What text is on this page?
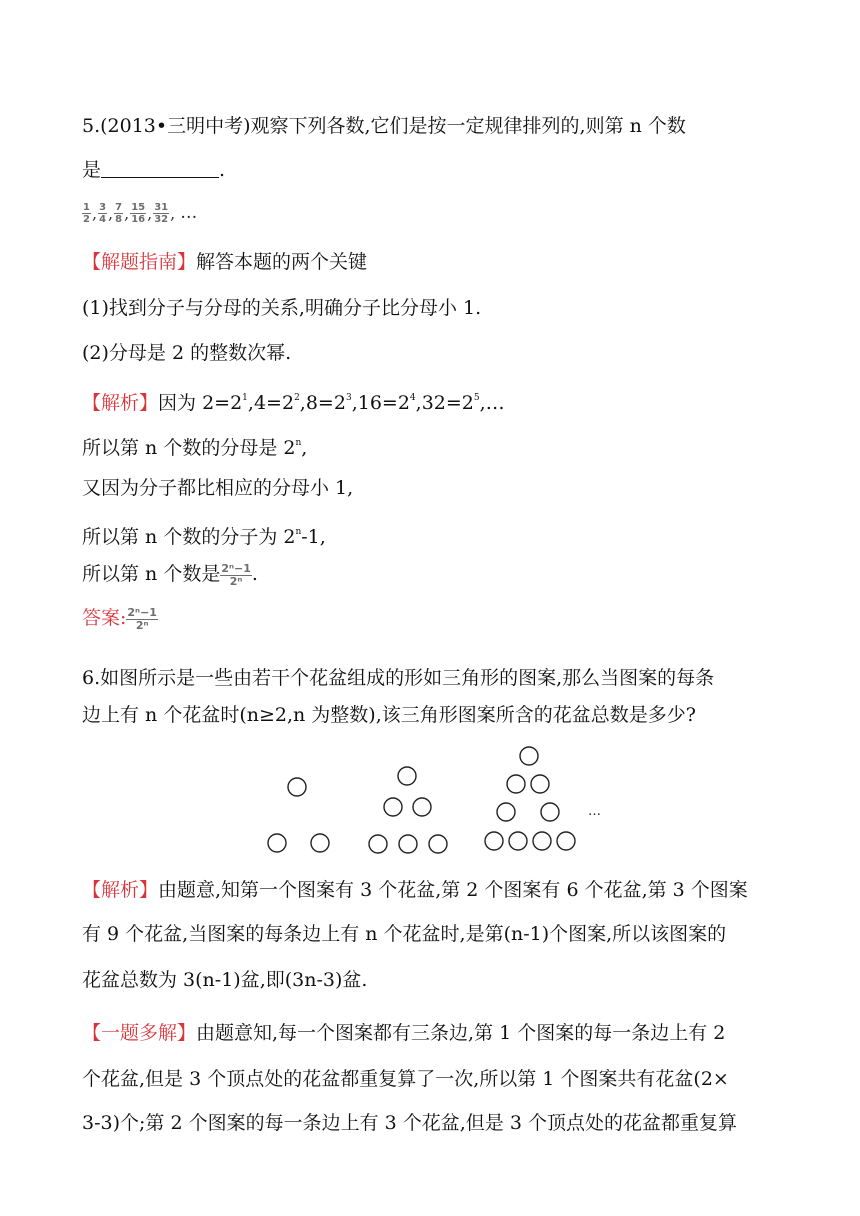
5.(2013•三明中考)观察下列各数,它们是按一定规律排列的,则第 n 个数
是	.
$\frac{1}{2}$ , $\frac{3}{4}$ , $\frac{7}{8}$ , $\frac{15}{16}$ , $\frac{31}{32}$ , …
【解题指南】解答本题的两个关键
(1)找到分子与分母的关系,明确分子比分母小 1.
(2)分母是 2 的整数次幂.
【解析】因为 $2=2^1,4=2^2,8=2^3,16=2^4,32=2^5,\dots$
所以第 n 个数的分母是 2$^n$,
又因为分子都比相应的分母小 1,
所以第 n 个数的分子为 2$^n$-1,
所以第 n 个数是 $\frac{\text{2ⁿ−1}}{\text{2ⁿ}}$ .
答案: $\frac{\text{2ⁿ−1}}{\text{2ⁿ}}$
6.如图所示是一些由若干个花盆组成的形如三角形的图案,那么当图案的每条
边上有 n 个花盆时(n≥2,n 为整数),该三角形图案所含的花盆总数是多少?
…
【解析】由题意,知第一个图案有 3 个花盆,第 2 个图案有 6 个花盆,第 3 个图案
有 9 个花盆,当图案的每条边上有 n 个花盆时,是第(n-1)个图案,所以该图案的
花盆总数为 3(n-1)盆,即(3n-3)盆.
【一题多解】由题意知,每一个图案都有三条边,第 1 个图案的每一条边上有 2
个花盆,但是 3 个顶点处的花盆都重复算了一次,所以第 1 个图案共有花盆(2×
3-3)个;第 2 个图案的每一条边上有 3 个花盆,但是 3 个顶点处的花盆都重复算
